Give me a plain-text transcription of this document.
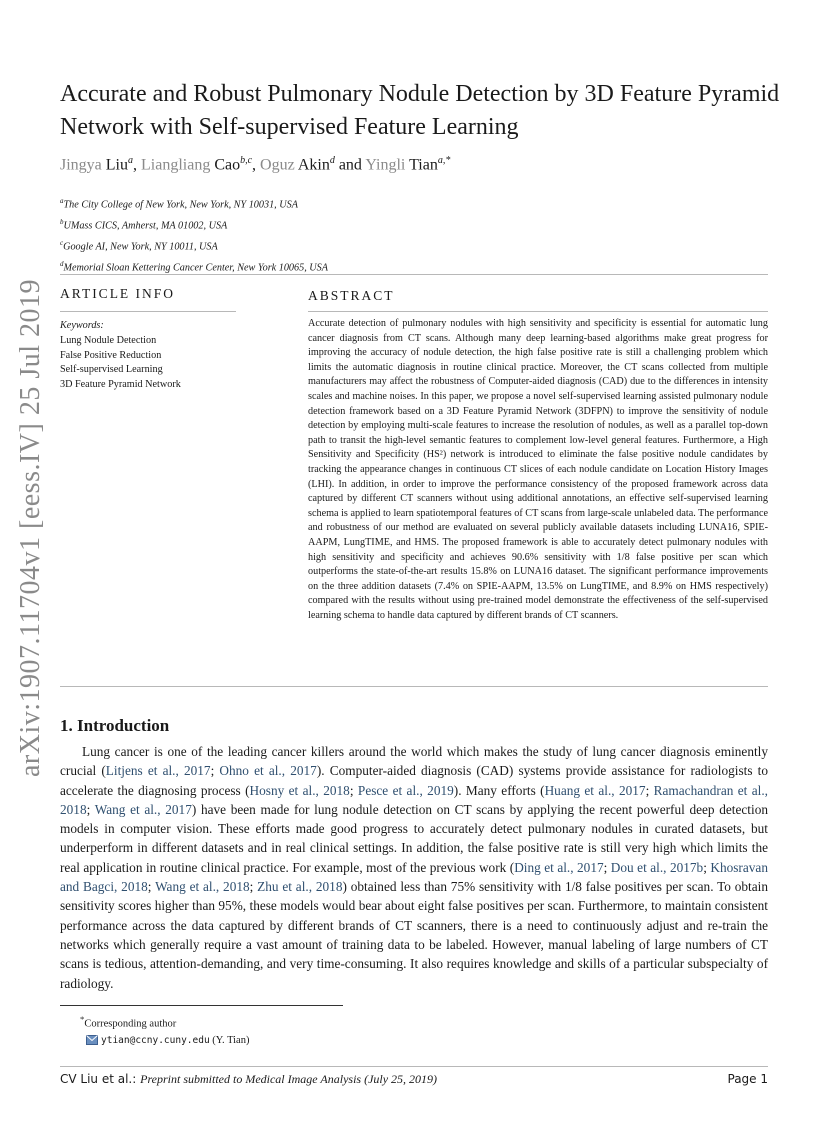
arXiv:1907.11704v1 [eess.IV] 25 Jul 2019
Accurate and Robust Pulmonary Nodule Detection by 3D Feature Pyramid Network with Self-supervised Feature Learning
Jingya Liu$^a$, Liangliang Cao$^{b,c}$, Oguz Akin$^d$ and Yingli Tian$^{a,*}$
$^a$The City College of New York, New York, NY 10031, USA
$^b$UMass CICS, Amherst, MA 01002, USA
$^c$Google AI, New York, NY 10011, USA
$^d$Memorial Sloan Kettering Cancer Center, New York 10065, USA
ARTICLE INFO	ABSTRACT
Keywords:
Lung Nodule Detection
False Positive Reduction
Self-supervised Learning
3D Feature Pyramid Network

Accurate detection of pulmonary nodules with high sensitivity and specificity is essential for automatic lung cancer diagnosis from CT scans. Although many deep learning-based algorithms make great progress for improving the accuracy of nodule detection, the high false positive rate is still a challenging problem which limits the automatic diagnosis in routine clinical practice. Moreover, the CT scans collected from multiple manufacturers may affect the robustness of Computer-aided diagnosis (CAD) due to the differences in intensity scales and machine noises. In this paper, we propose a novel self-supervised learning assisted pulmonary nodule detection framework based on a 3D Feature Pyramid Network (3DFPN) to improve the sensitivity of nodule detection by employing multi-scale features to increase the resolution of nodules, as well as a parallel top-down path to transit the high-level semantic features to complement low-level general features. Furthermore, a High Sensitivity and Specificity (HS²) network is introduced to eliminate the false positive nodule candidates by tracking the appearance changes in continuous CT slices of each nodule candidate on Location History Images (LHI). In addition, in order to improve the performance consistency of the proposed framework across data captured by different CT scanners without using additional annotations, an effective self-supervised learning schema is applied to learn spatiotemporal features of CT scans from large-scale unlabeled data. The performance and robustness of our method are evaluated on several publicly available datasets including LUNA16, SPIE-AAPM, LungTIME, and HMS. The proposed framework is able to accurately detect pulmonary nodules with high sensitivity and specificity and achieves 90.6% sensitivity with 1/8 false positive per scan which outperforms the state-of-the-art results 15.8% on LUNA16 dataset. The significant performance improvements on the three addition datasets (7.4% on SPIE-AAPM, 13.5% on LungTIME, and 8.9% on HMS respectively) compared with the results without using pre-trained model demonstrate the effectiveness of the self-supervised learning schema to handle data captured by different brands of CT scanners.

1. Introduction

Lung cancer is one of the leading cancer killers around the world which makes the study of lung cancer diagnosis eminently crucial (Litjens et al., 2017; Ohno et al., 2017). Computer-aided diagnosis (CAD) systems provide assistance for radiologists to accelerate the diagnosing process (Hosny et al., 2018; Pesce et al., 2019). Many efforts (Huang et al., 2017; Ramachandran et al., 2018; Wang et al., 2017) have been made for lung nodule detection on CT scans by applying the recent powerful deep detection models in computer vision. These efforts made good progress to accurately detect pulmonary nodules in curated datasets, but underperform in different datasets and in real clinical settings. In addition, the false positive rate is still very high which limits the real application in routine clinical practice. For example, most of the previous work (Ding et al., 2017; Dou et al., 2017b; Khosravan and Bagci, 2018; Wang et al., 2018; Zhu et al., 2018) obtained less than 75% sensitivity with 1/8 false positives per scan. To obtain sensitivity scores higher than 95%, these models would bear about eight false positives per scan. Furthermore, to maintain consistent performance across the data captured by different brands of CT scanners, there is a need to continuously adjust and re-train the networks which generally require a vast amount of training data to be labeled. However, manual labeling of large numbers of CT scans is tedious, attention-demanding, and very time-consuming. It also requires knowledge and skills of a particular subspecialty of radiology.

*Corresponding author
ytian@ccny.cuny.edu (Y. Tian)
CV Liu et al.: Preprint submitted to Medical Image Analysis (July 25, 2019)	Page 1
